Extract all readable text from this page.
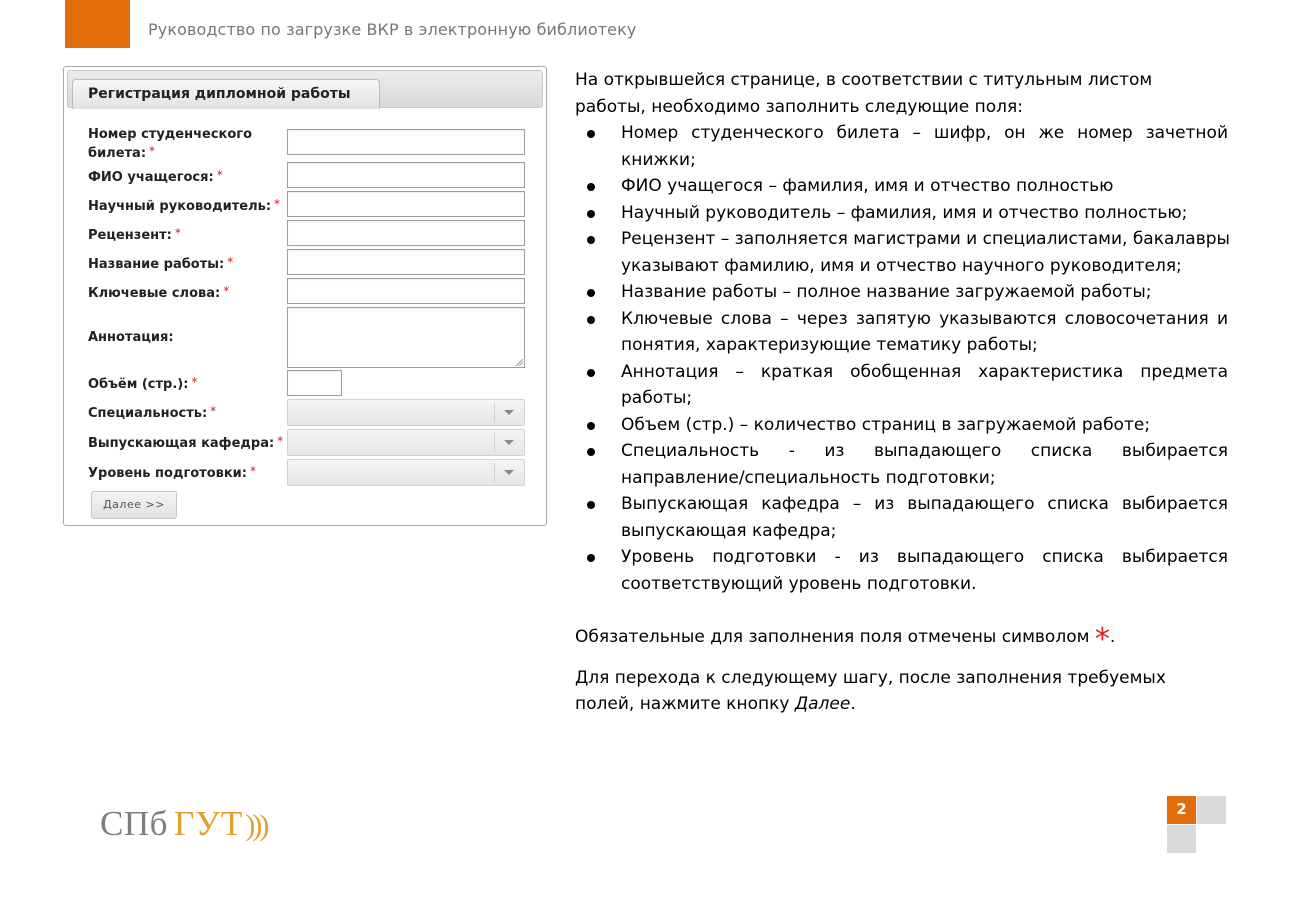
Руководство по загрузке ВКР в электронную библиотеку
Регистрация дипломной работы
Номер студенческого
билета: *
ФИО учащегося: *
Научный руководитель: *
Рецензент: *
Название работы: *
Ключевые слова: *
Аннотация:
Объём (стр.): *
Специальность: *
Выпускающая кафедра: *
Уровень подготовки: *
Далее >>

На открывшейся странице, в соответствии с титульным листом работы, необходимо заполнить следующие поля:

Номер студенческого билета – шифр, он же номер зачетной книжки;
ФИО учащегося – фамилия, имя и отчество полностью
Научный руководитель – фамилия, имя и отчество полностью;
Рецензент – заполняется магистрами и специалистами, бакалавры указывают фамилию, имя и отчество научного руководителя;
Название работы – полное название загружаемой работы;
Ключевые слова – через запятую указываются словосочетания и понятия, характеризующие тематику работы;
Аннотация – краткая обобщенная характеристика предмета работы;
Объем (стр.) – количество страниц в загружаемой работе;
Специальность - из выпадающего списка выбирается направление/специальность подготовки;
Выпускающая кафедра – из выпадающего списка выбирается выпускающая кафедра;
Уровень подготовки - из выпадающего списка выбирается соответствующий уровень подготовки.

Обязательные для заполнения поля отмечены символом *.

Для перехода к следующему шагу, после заполнения требуемых полей, нажмите кнопку Далее.

СПб ГУТ)))	2
